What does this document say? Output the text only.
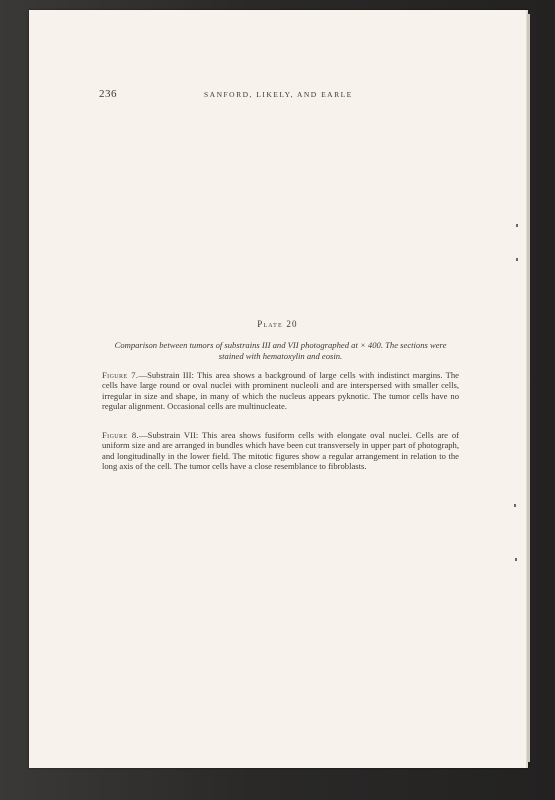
236	SANFORD, LIKELY, AND EARLE
Plate 20
Comparison between tumors of substrains III and VII photographed at × 400. The sections were stained with hematoxylin and eosin.
Figure 7.—Substrain III: This area shows a background of large cells with indistinct margins. The cells have large round or oval nuclei with prominent nucleoli and are interspersed with smaller cells, irregular in size and shape, in many of which the nucleus appears pyknotic. The tumor cells have no regular alignment. Occasional cells are multinucleate.
Figure 8.—Substrain VII: This area shows fusiform cells with elongate oval nuclei. Cells are of uniform size and are arranged in bundles which have been cut transversely in upper part of photograph, and longitudinally in the lower field. The mitotic figures show a regular arrangement in relation to the long axis of the cell. The tumor cells have a close resemblance to fibroblasts.
